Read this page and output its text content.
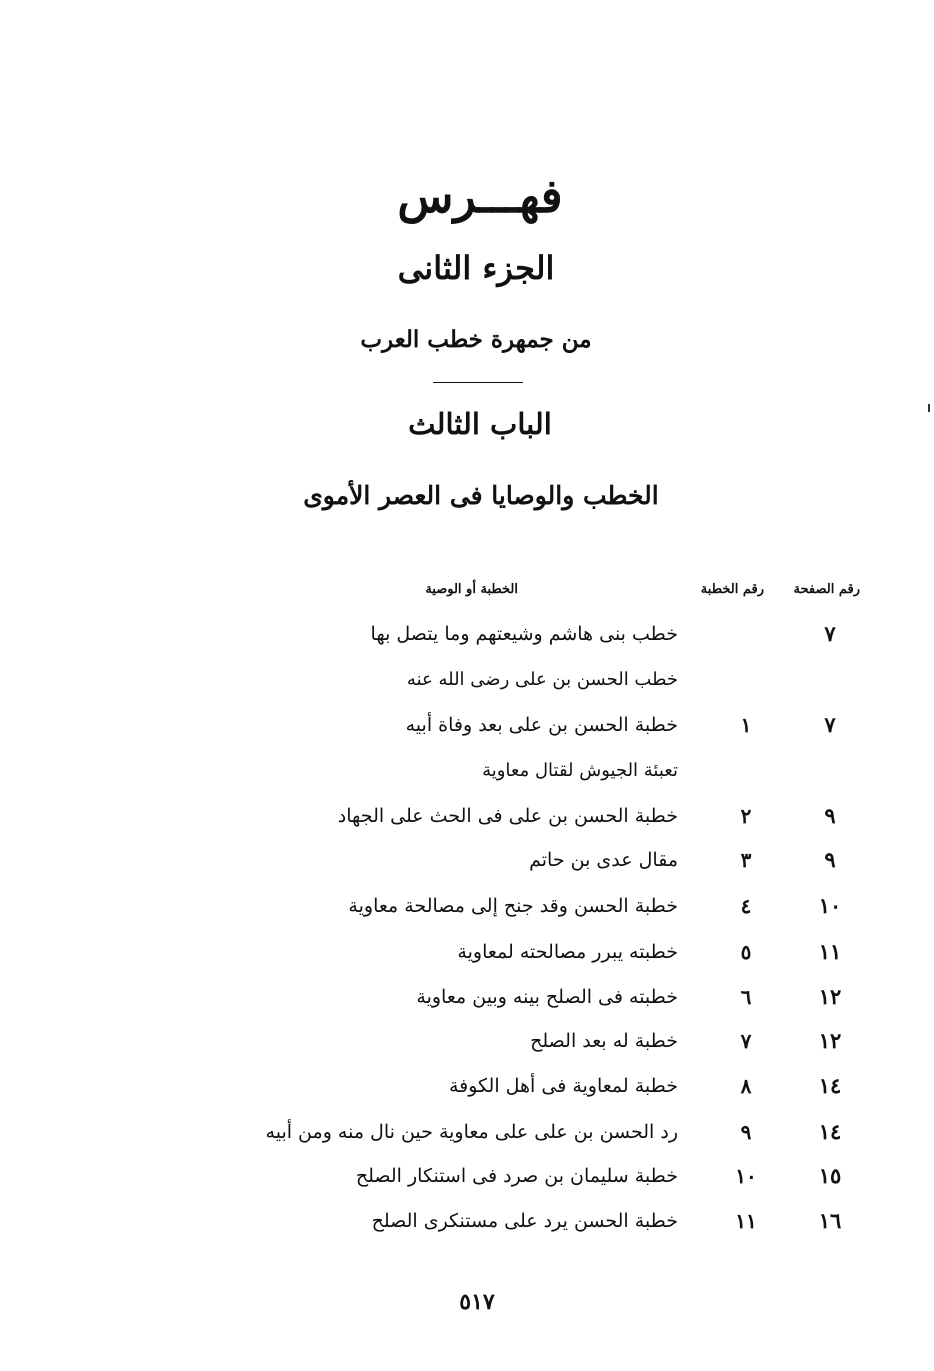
فهـــرس
الجزء الثانى
من جمهرة خطب العرب
الباب الثالث
الخطب والوصايا فى العصر الأموى
رقم الصفحة
رقم الخطبة
الخطبة أو الوصية
٧
خطب بنى هاشم وشيعتهم وما يتصل بها
خطب الحسن بن على رضى الله عنه
٧
١
خطبة الحسن بن على بعد وفاة أبيه
تعبئة الجيوش لقتال معاوية
٩
٢
خطبة الحسن بن على فى الحث على الجهاد
٩
٣
مقال عدى بن حاتم
١٠
٤
خطبة الحسن وقد جنح إلى مصالحة معاوية
١١
٥
خطبته يبرر مصالحته لمعاوية
١٢
٦
خطبته فى الصلح بينه وبين معاوية
١٢
٧
خطبة له بعد الصلح
١٤
٨
خطبة لمعاوية فى أهل الكوفة
١٤
٩
رد الحسن بن على على معاوية حين نال منه ومن أبيه
١٥
١٠
خطبة سليمان بن صرد فى استنكار الصلح
١٦
١١
خطبة الحسن يرد على مستنكرى الصلح
٥١٧
